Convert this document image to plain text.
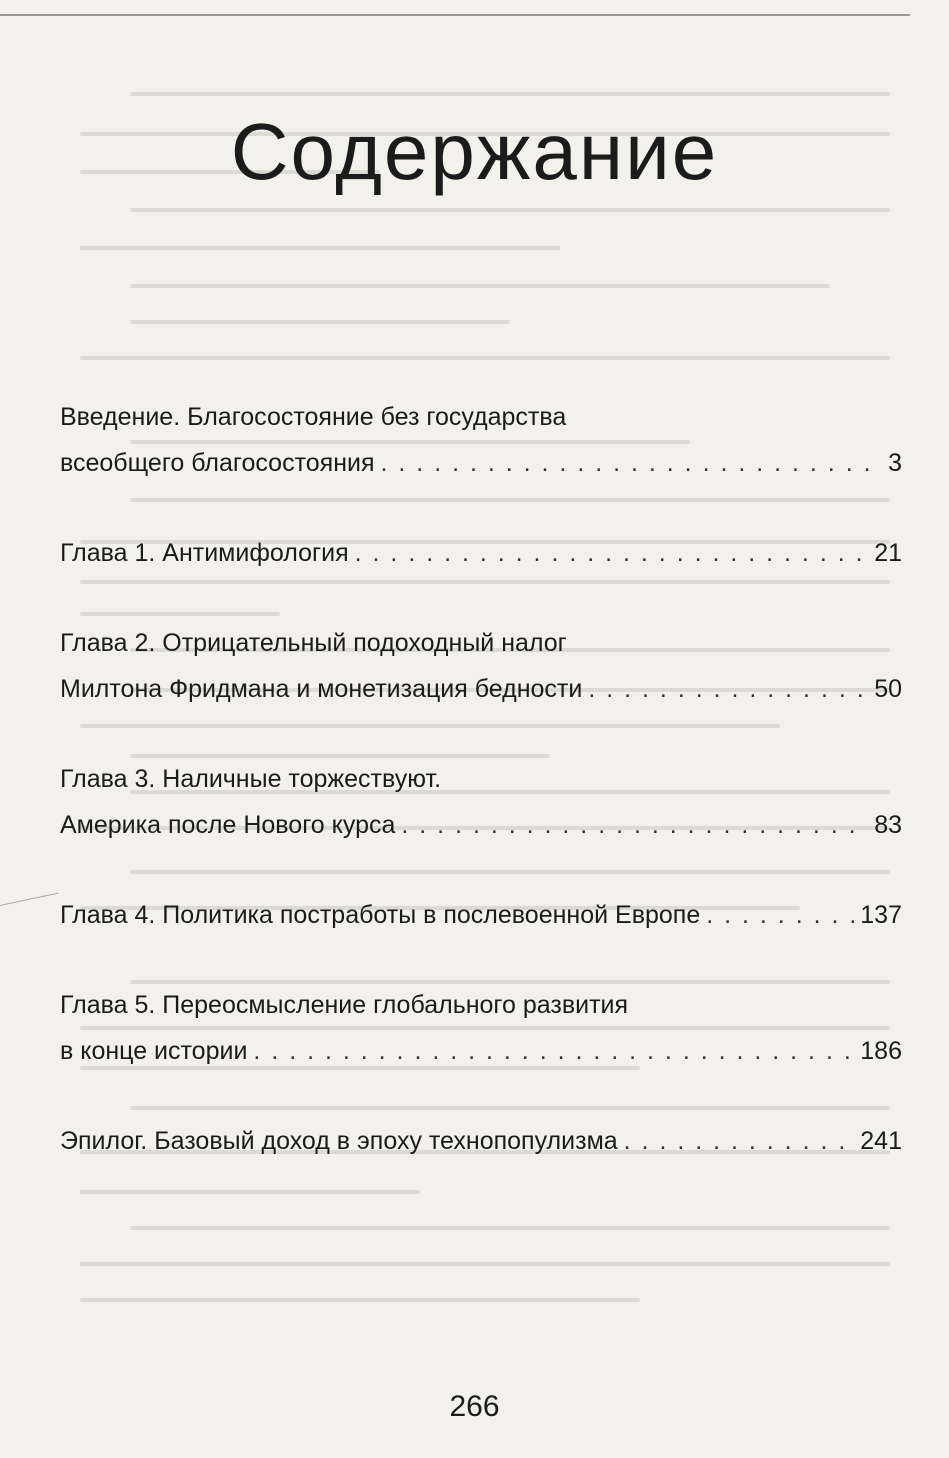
Содержание
Введение. Благосостояние без государства
всеобщего благосостояния . . .	3
Глава 1. Антимифология . . .	21
Глава 2. Отрицательный подоходный налог
Милтона Фридмана и монетизация бедности . . .	50
Глава 3. Наличные торжествуют.
Америка после Нового курса . . .	83
Глава 4. Политика постработы в послевоенной Европе . . .	137
Глава 5. Переосмысление глобального развития
в конце истории . . .	186
Эпилог. Базовый доход в эпоху технопопулизма . . .	241
266
